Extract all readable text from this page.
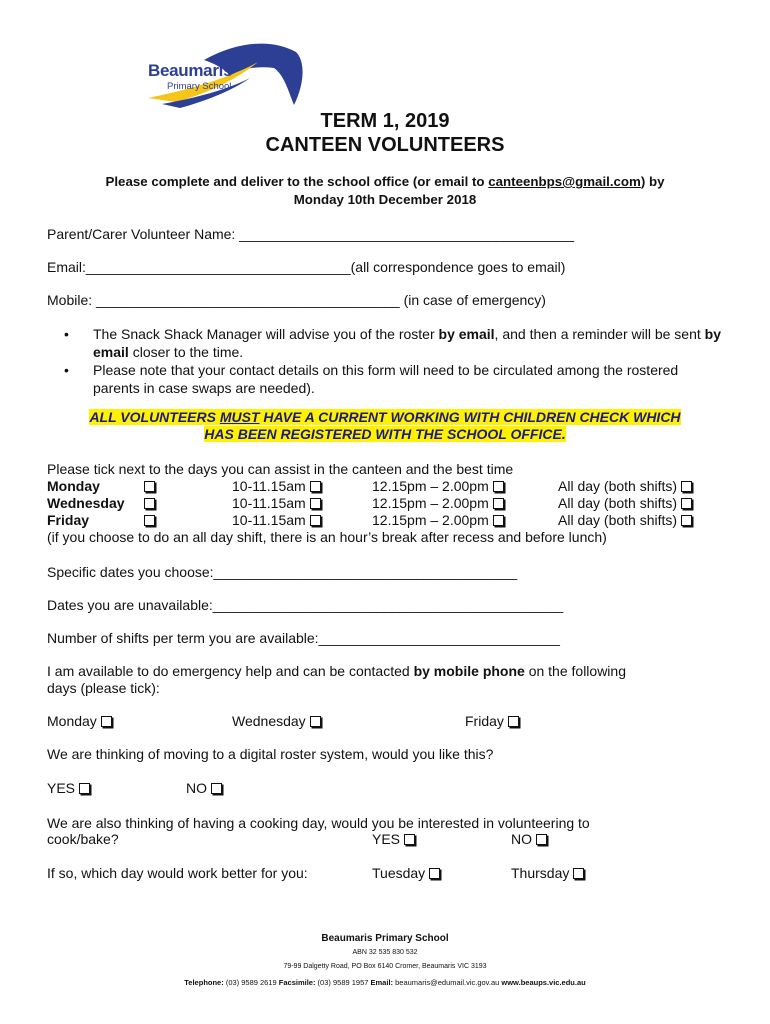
Beaumaris
Primary School
TERM 1, 2019
CANTEEN VOLUNTEERS
Please complete and deliver to the school office (or email to canteenbps@gmail.com) by
Monday 10th December 2018
Parent/Carer Volunteer Name: ___________________________________________
Email:__________________________________(all correspondence goes to email)
Mobile: _______________________________________ (in case of emergency)
• The Snack Shack Manager will advise you of the roster by email, and then a reminder will be sent by email closer to the time.
• Please note that your contact details on this form will need to be circulated among the rostered parents in case swaps are needed).
ALL VOLUNTEERS MUST HAVE A CURRENT WORKING WITH CHILDREN CHECK WHICH
HAS BEEN REGISTERED WITH THE SCHOOL OFFICE.
Please tick next to the days you can assist in the canteen and the best time
Monday	10-11.15am	12.15pm – 2.00pm	All day (both shifts)
Wednesday	10-11.15am	12.15pm – 2.00pm	All day (both shifts)
Friday	10-11.15am	12.15pm – 2.00pm	All day (both shifts)
(if you choose to do an all day shift, there is an hour’s break after recess and before lunch)
Specific dates you choose:_______________________________________
Dates you are unavailable:_____________________________________________
Number of shifts per term you are available:_______________________________
I am available to do emergency help and can be contacted by mobile phone on the following
days (please tick):
Monday	Wednesday	Friday
We are thinking of moving to a digital roster system, would you like this?
YES	NO
We are also thinking of having a cooking day, would you be interested in volunteering to
cook/bake?	YES	NO
If so, which day would work better for you:	Tuesday	Thursday
Beaumaris Primary School
ABN 32 535 830 532
79-99 Dalgetty Road, PO Box 6140 Cromer, Beaumaris VIC 3193
Telephone: (03) 9589 2619 Facsimile: (03) 9589 1957 Email: beaumaris@edumail.vic.gov.au www.beaups.vic.edu.au
